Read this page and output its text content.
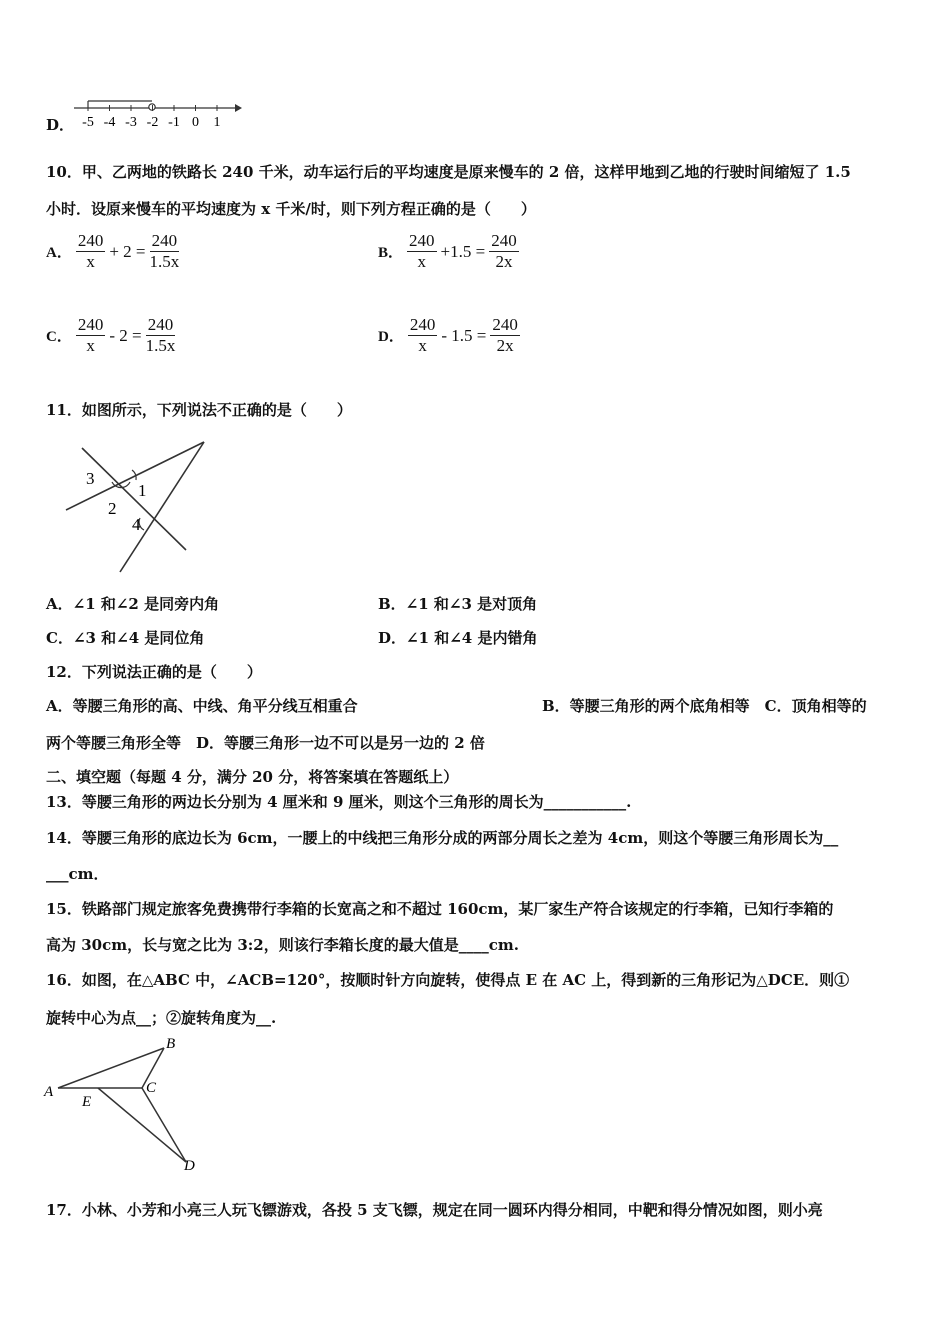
D． -5 -4 -3 -2 -1 0 1
10．甲、乙两地的铁路长 240 千米，动车运行后的平均速度是原来慢车的 2 倍，这样甲地到乙地的行驶时间缩短了 1.5
小时．设原来慢车的平均速度为 x 千米/时，则下列方程正确的是（　　）
A． $\frac{240}{x} + 2 = \frac{240}{1.5x}$	B． $\frac{240}{x} +1.5 = \frac{240}{2x}$
C． $\frac{240}{x} - 2 = \frac{240}{1.5x}$	D． $\frac{240}{x} - 1.5 = \frac{240}{2x}$
11．如图所示，下列说法不正确的是（　　）
3
1
2
4
A．∠1 和∠2 是同旁内角	B．∠1 和∠3 是对顶角
C．∠3 和∠4 是同位角	D．∠1 和∠4 是内错角
12．下列说法正确的是（　　）
A．等腰三角形的高、中线、角平分线互相重合	B．等腰三角形的两个底角相等　C．顶角相等的
两个等腰三角形全等　D．等腰三角形一边不可以是另一边的 2 倍
二、填空题（每题 4 分，满分 20 分，将答案填在答题纸上）
13．等腰三角形的两边长分别为 4 厘米和 9 厘米，则这个三角形的周长为___________.
14．等腰三角形的底边长为 6cm，一腰上的中线把三角形分成的两部分周长之差为 4cm，则这个等腰三角形周长为__
___cm．
15．铁路部门规定旅客免费携带行李箱的长宽高之和不超过 160cm，某厂家生产符合该规定的行李箱，已知行李箱的
高为 30cm，长与宽之比为 3:2，则该行李箱长度的最大值是____cm.
16．如图，在△ABC 中，∠ACB=120°，按顺时针方向旋转，使得点 E 在 AC 上，得到新的三角形记为△DCE．则①
旋转中心为点__；②旋转角度为__.
A
B
C
E
D
17．小林、小芳和小亮三人玩飞镖游戏，各投 5 支飞镖，规定在同一圆环内得分相同，中靶和得分情况如图，则小亮
